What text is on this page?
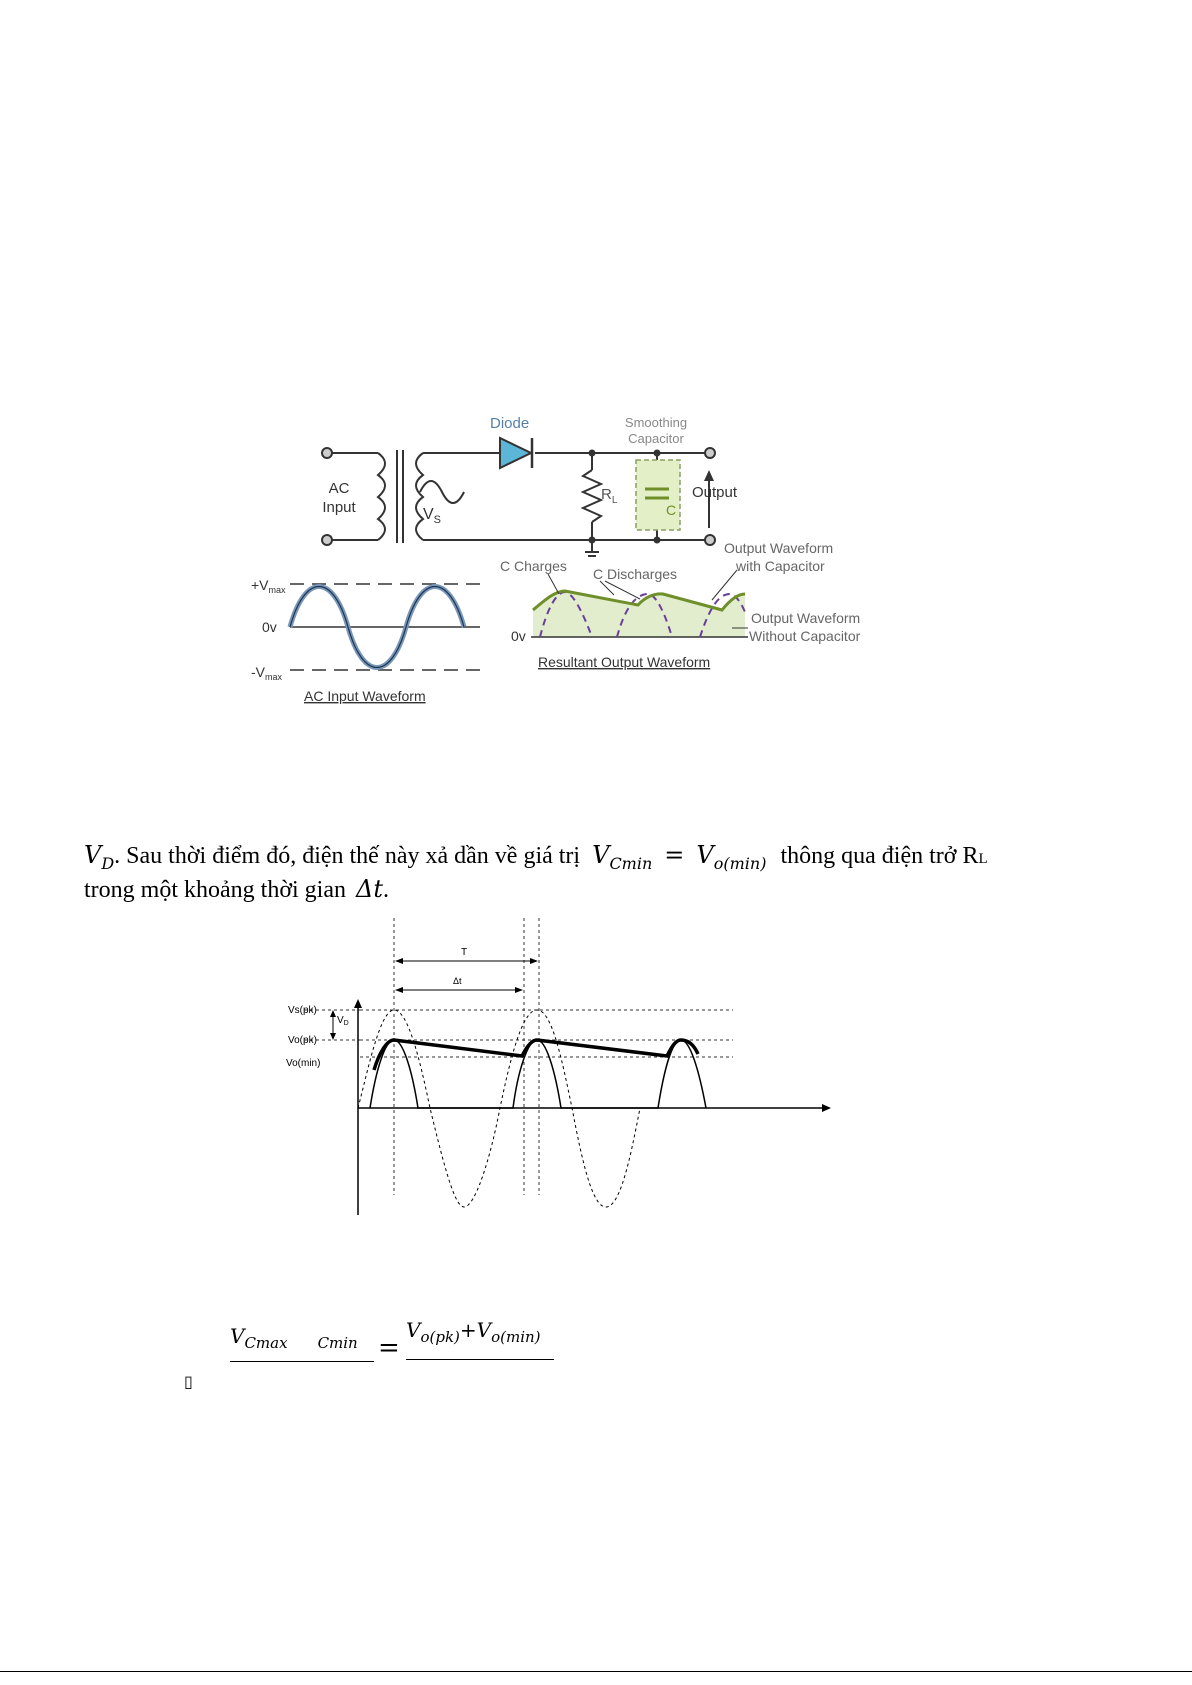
Diode	Smoothing
Capacitor
AC
Input	$V_S$
$R_L$
C
Output
$+V_{max}$
0v
$-V_{max}$
AC Input Waveform
C Charges C Discharges
Output Waveform
with Capacitor
Output Waveform
Without Capacitor
0v
Resultant Output Waveform
$V_D$. Sau thời điểm đó, điện thế này xả dần về giá trị $V_{Cmin} = V_{o(min)}$ thông qua điện trở RL
trong một khoảng thời gian Δt.
T
Δt
$V_D$
Vs(pk)
Vo(pk)
Vo(min)
$V_{Cmax}$ $_{Cmin}$ =
$V_{o(pk)}+V_{o(min)}$
▯
